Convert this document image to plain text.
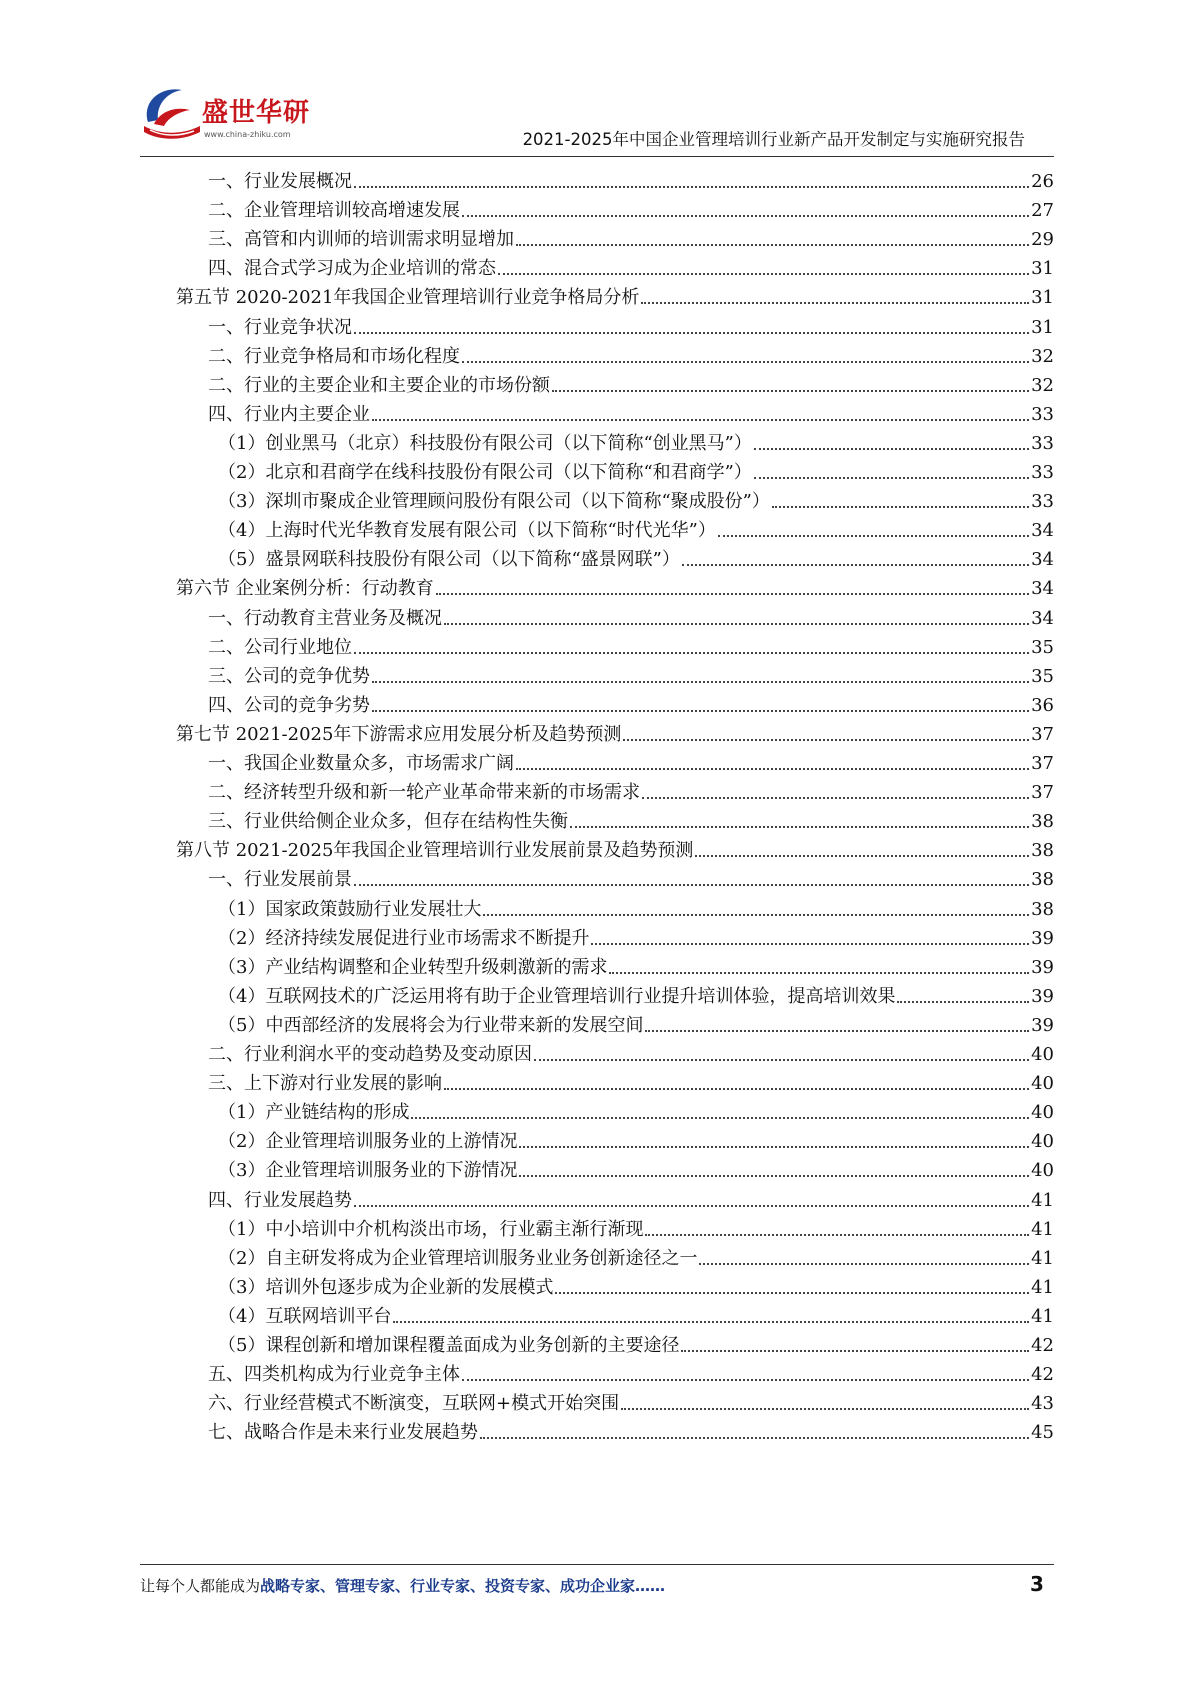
盛世华研
www.china-zhiku.com	2021-2025年中国企业管理培训行业新产品开发制定与实施研究报告
一、行业发展概况	26
二、企业管理培训较高增速发展	27
三、高管和内训师的培训需求明显增加	29
四、混合式学习成为企业培训的常态	31
第五节 2020-2021年我国企业管理培训行业竞争格局分析	31
一、行业竞争状况	31
二、行业竞争格局和市场化程度	32
二、行业的主要企业和主要企业的市场份额	32
四、行业内主要企业	33
（1）创业黑马（北京）科技股份有限公司（以下简称“创业黑马”）	33
（2）北京和君商学在线科技股份有限公司（以下简称“和君商学”）	33
（3）深圳市聚成企业管理顾问股份有限公司（以下简称“聚成股份”）	33
（4）上海时代光华教育发展有限公司（以下简称“时代光华”）	34
（5）盛景网联科技股份有限公司（以下简称“盛景网联”）	34
第六节 企业案例分析：行动教育	34
一、行动教育主营业务及概况	34
二、公司行业地位	35
三、公司的竞争优势	35
四、公司的竞争劣势	36
第七节 2021-2025年下游需求应用发展分析及趋势预测	37
一、我国企业数量众多，市场需求广阔	37
二、经济转型升级和新一轮产业革命带来新的市场需求	37
三、行业供给侧企业众多，但存在结构性失衡	38
第八节 2021-2025年我国企业管理培训行业发展前景及趋势预测	38
一、行业发展前景	38
（1）国家政策鼓励行业发展壮大	38
（2）经济持续发展促进行业市场需求不断提升	39
（3）产业结构调整和企业转型升级刺激新的需求	39
（4）互联网技术的广泛运用将有助于企业管理培训行业提升培训体验，提高培训效果	39
（5）中西部经济的发展将会为行业带来新的发展空间	39
二、行业利润水平的变动趋势及变动原因	40
三、上下游对行业发展的影响	40
（1）产业链结构的形成	40
（2）企业管理培训服务业的上游情况	40
（3）企业管理培训服务业的下游情况	40
四、行业发展趋势	41
（1）中小培训中介机构淡出市场，行业霸主渐行渐现	41
（2）自主研发将成为企业管理培训服务业业务创新途径之一	41
（3）培训外包逐步成为企业新的发展模式	41
（4）互联网培训平台	41
（5）课程创新和增加课程覆盖面成为业务创新的主要途径	42
五、四类机构成为行业竞争主体	42
六、行业经营模式不断演变，互联网+模式开始突围	43
七、战略合作是未来行业发展趋势	45
让每个人都能成为战略专家、管理专家、行业专家、投资专家、成功企业家……	3
